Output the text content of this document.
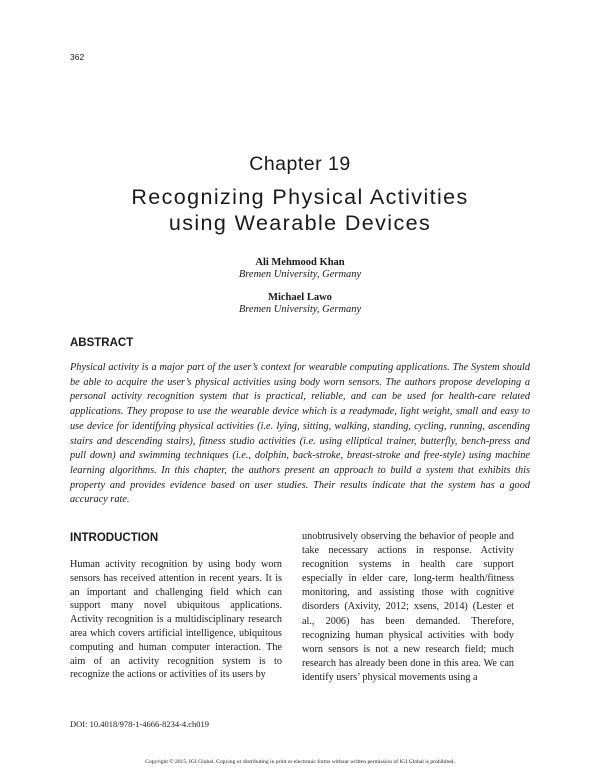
362
Chapter 19
Recognizing Physical Activities
using Wearable Devices
Ali Mehmood Khan
Bremen University, Germany
Michael Lawo
Bremen University, Germany
ABSTRACT
Physical activity is a major part of the user’s context for wearable computing applications. The System should be able to acquire the user’s physical activities using body worn sensors. The authors propose developing a personal activity recognition system that is practical, reliable, and can be used for health-care related applications. They propose to use the wearable device which is a readymade, light weight, small and easy to use device for identifying physical activities (i.e. lying, sitting, walking, standing, cycling, running, ascending stairs and descending stairs), fitness studio activities (i.e. using elliptical trainer, butterfly, bench-press and pull down) and swimming techniques (i.e., dolphin, back-stroke, breast-stroke and free-style) using machine learning algorithms. In this chapter, the authors present an approach to build a system that exhibits this property and provides evidence based on user studies. Their results indicate that the system has a good accuracy rate.
INTRODUCTION
Human activity recognition by using body worn sensors has received attention in recent years. It is an important and challenging field which can support many novel ubiquitous applications. Activity recognition is a multidisciplinary research area which covers artificial intelligence, ubiquitous computing and human computer interaction. The aim of an activity recognition system is to recognize the actions or activities of its users by
unobtrusively observing the behavior of people and take necessary actions in response. Activity recognition systems in health care support especially in elder care, long-term health/fitness monitoring, and assisting those with cognitive disorders (Axivity, 2012; xsens, 2014) (Lester et al., 2006) has been demanded. Therefore, recognizing human physical activities with body worn sensors is not a new research field; much research has already been done in this area. We can identify users’ physical movements using a
DOI: 10.4018/978-1-4666-8234-4.ch019
Copyright © 2015, IGI Global. Copying or distributing in print or electronic forms without written permission of IGI Global is prohibited.
